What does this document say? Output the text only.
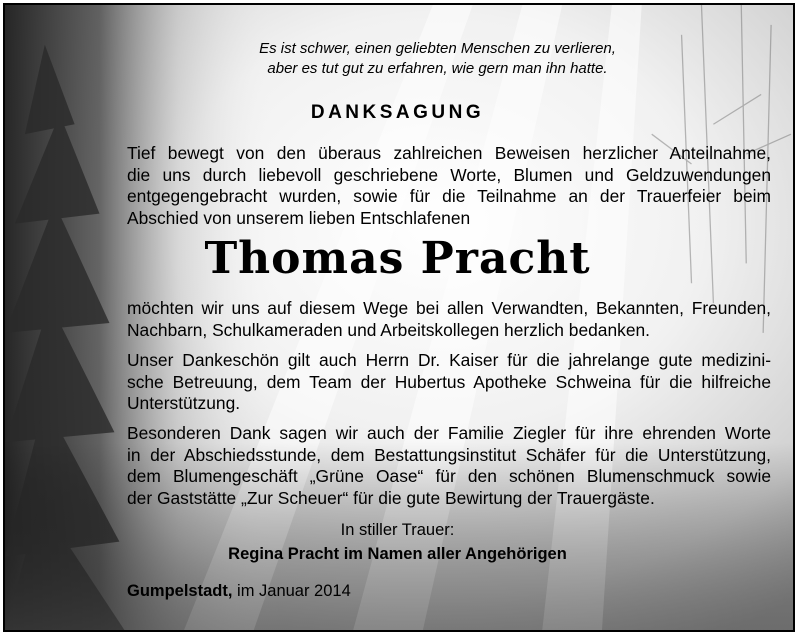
Es ist schwer, einen geliebten Menschen zu verlieren,
aber es tut gut zu erfahren, wie gern man ihn hatte.
DANKSAGUNG
Tief bewegt von den überaus zahlreichen Beweisen herzlicher Anteilnahme,
die uns durch liebevoll geschriebene Worte, Blumen und Geldzuwendungen
entgegengebracht wurden, sowie für die Teilnahme an der Trauerfeier beim
Abschied von unserem lieben Entschlafenen
Thomas Pracht
möchten wir uns auf diesem Wege bei allen Verwandten, Bekannten, Freunden,
Nachbarn, Schulkameraden und Arbeitskollegen herzlich bedanken.
Unser Dankeschön gilt auch Herrn Dr. Kaiser für die jahrelange gute medizini-
sche Betreuung, dem Team der Hubertus Apotheke Schweina für die hilfreiche
Unterstützung.
Besonderen Dank sagen wir auch der Familie Ziegler für ihre ehrenden Worte
in der Abschiedsstunde, dem Bestattungsinstitut Schäfer für die Unterstützung,
dem Blumengeschäft „Grüne Oase“ für den schönen Blumenschmuck sowie
der Gaststätte „Zur Scheuer“ für die gute Bewirtung der Trauergäste.
In stiller Trauer:
Regina Pracht im Namen aller Angehörigen
Gumpelstadt, im Januar 2014
